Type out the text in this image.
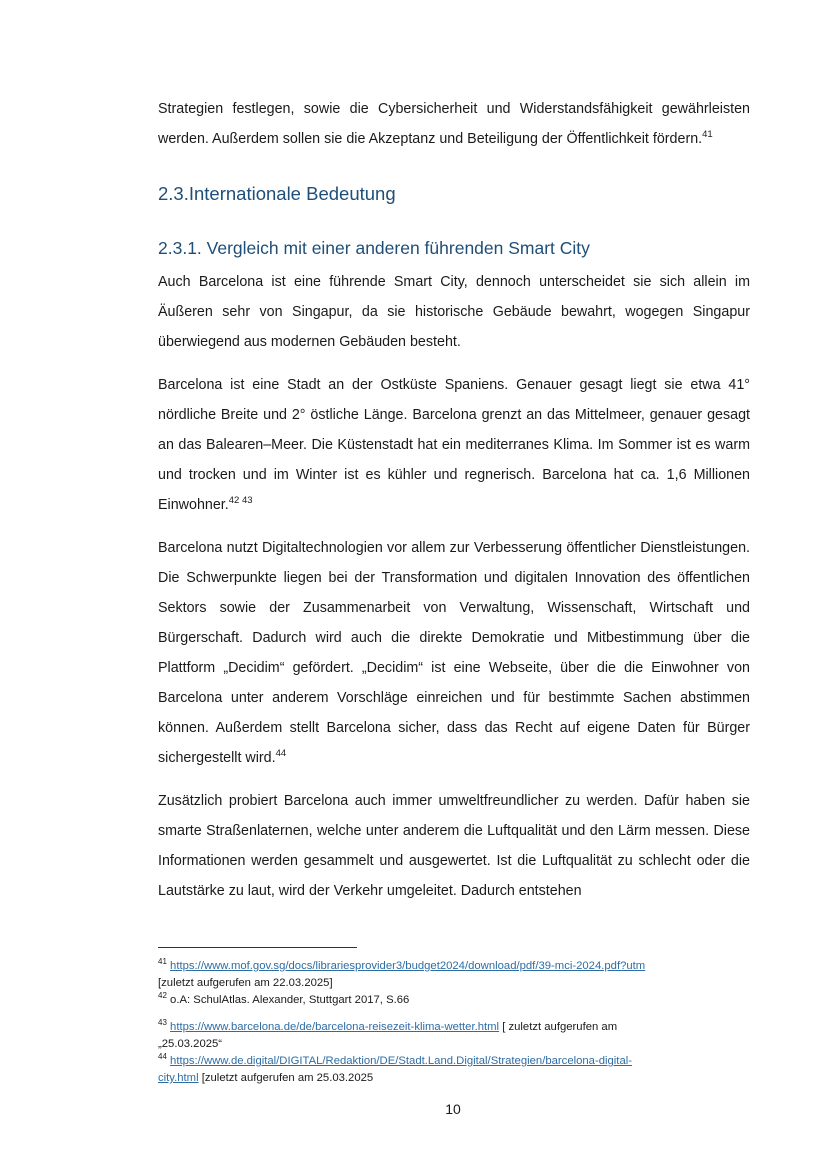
Strategien festlegen, sowie die Cybersicherheit und Widerstandsfähigkeit gewährleisten werden. Außerdem sollen sie die Akzeptanz und Beteiligung der Öffentlichkeit fördern.$^{41}$

2.3.Internationale Bedeutung
2.3.1. Vergleich mit einer anderen führenden Smart City

Auch Barcelona ist eine führende Smart City, dennoch unterscheidet sie sich allein im Äußeren sehr von Singapur, da sie historische Gebäude bewahrt, wogegen Singapur überwiegend aus modernen Gebäuden besteht.

Barcelona ist eine Stadt an der Ostküste Spaniens. Genauer gesagt liegt sie etwa 41° nördliche Breite und 2° östliche Länge. Barcelona grenzt an das Mittelmeer, genauer gesagt an das Balearen–Meer. Die Küstenstadt hat ein mediterranes Klima. Im Sommer ist es warm und trocken und im Winter ist es kühler und regnerisch. Barcelona hat ca. 1,6 Millionen Einwohner.$^{42 43}$

Barcelona nutzt Digitaltechnologien vor allem zur Verbesserung öffentlicher Dienstleistungen. Die Schwerpunkte liegen bei der Transformation und digitalen Innovation des öffentlichen Sektors sowie der Zusammenarbeit von Verwaltung, Wissenschaft, Wirtschaft und Bürgerschaft. Dadurch wird auch die direkte Demokratie und Mitbestimmung über die Plattform „Decidim“ gefördert. „Decidim“ ist eine Webseite, über die die Einwohner von Barcelona unter anderem Vorschläge einreichen und für bestimmte Sachen abstimmen können. Außerdem stellt Barcelona sicher, dass das Recht auf eigene Daten für Bürger sichergestellt wird.$^{44}$

Zusätzlich probiert Barcelona auch immer umweltfreundlicher zu werden. Dafür haben sie smarte Straßenlaternen, welche unter anderem die Luftqualität und den Lärm messen. Diese Informationen werden gesammelt und ausgewertet. Ist die Luftqualität zu schlecht oder die Lautstärke zu laut, wird der Verkehr umgeleitet. Dadurch entstehen

$^{41}$ https://www.mof.gov.sg/docs/librariesprovider3/budget2024/download/pdf/39-mci-2024.pdf?utm
[zuletzt aufgerufen am 22.03.2025]

$^{42}$ o.A: SchulAtlas. Alexander, Stuttgart 2017, S.66

$^{43}$ https://www.barcelona.de/de/barcelona-reisezeit-klima-wetter.html [ zuletzt aufgerufen am
„25.03.2025“

$^{44}$ https://www.de.digital/DIGITAL/Redaktion/DE/Stadt.Land.Digital/Strategien/barcelona-digital-
city.html [zuletzt aufgerufen am 25.03.2025

10
